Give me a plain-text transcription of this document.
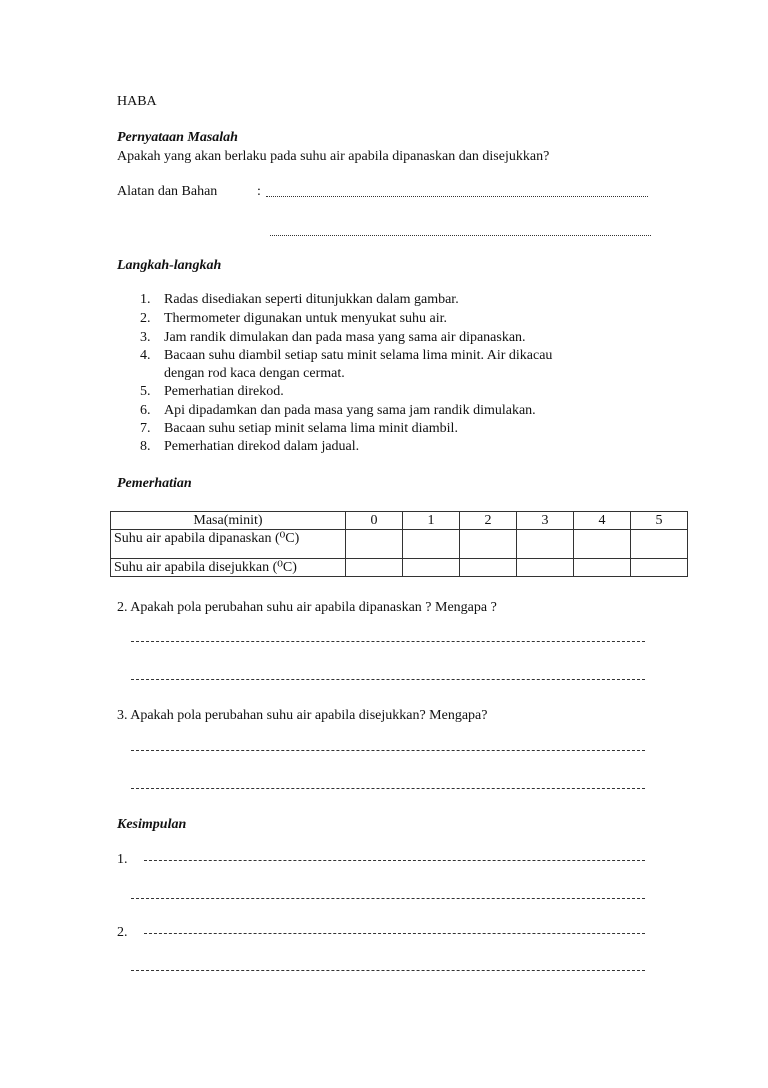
HABA
Pernyataan Masalah
Apakah yang akan berlaku pada suhu air apabila dipanaskan dan disejukkan?
Alatan dan Bahan	:
Langkah-langkah
1. Radas disediakan seperti ditunjukkan dalam gambar.
2. Thermometer digunakan untuk menyukat suhu air.
3. Jam randik dimulakan dan pada masa yang sama air dipanaskan.
4. Bacaan suhu diambil setiap satu minit selama lima minit. Air dikacau
dengan rod kaca dengan cermat.
5. Pemerhatian direkod.
6. Api dipadamkan dan pada masa yang sama jam randik dimulakan.
7. Bacaan suhu setiap minit selama lima minit diambil.
8. Pemerhatian direkod dalam jadual.
Pemerhatian
Masa(minit)	0	1	2	3	4	5
Suhu air apabila dipanaskan (⁰C)						
Suhu air apabila disejukkan (⁰C)						
2. Apakah pola perubahan suhu air apabila dipanaskan ? Mengapa ?
3. Apakah pola perubahan suhu air apabila disejukkan? Mengapa?
Kesimpulan
1.
2.
